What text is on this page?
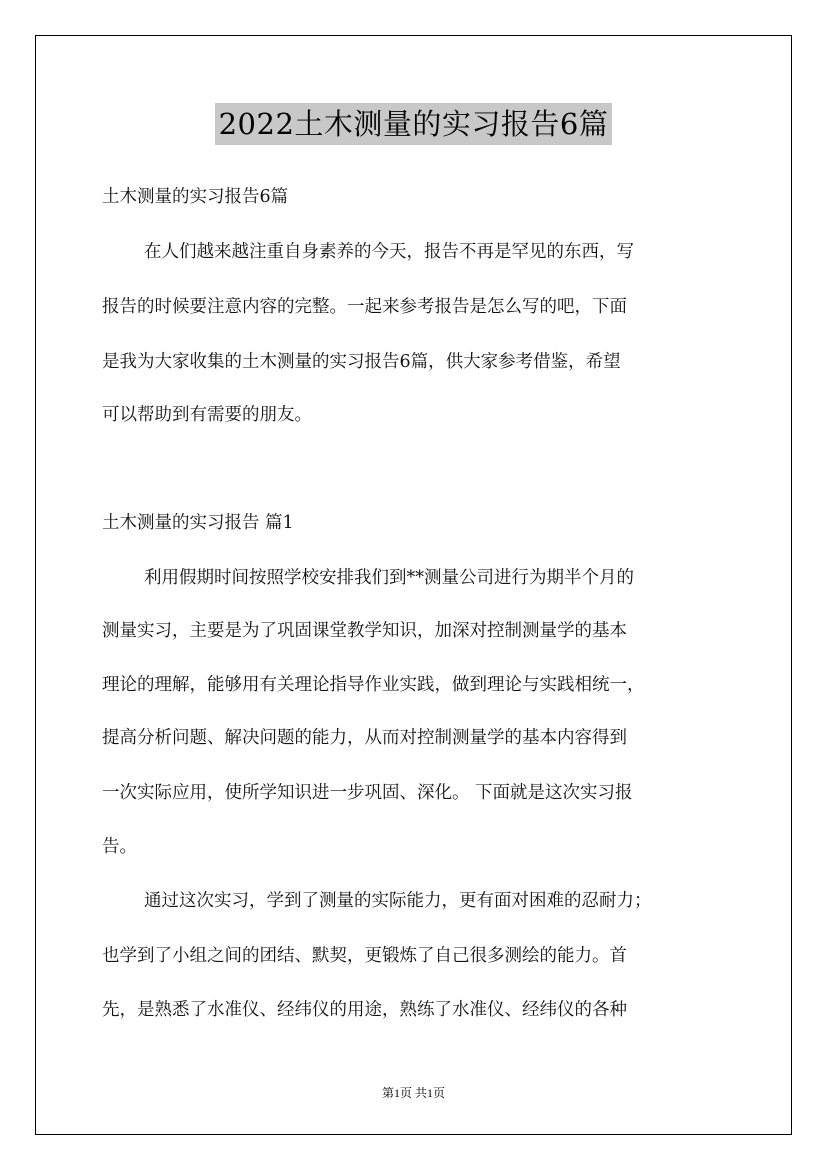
2022土木测量的实习报告6篇
土木测量的实习报告6篇
在人们越来越注重自身素养的今天，报告不再是罕见的东西，写
报告的时候要注意内容的完整。一起来参考报告是怎么写的吧，下面
是我为大家收集的土木测量的实习报告6篇，供大家参考借鉴，希望
可以帮助到有需要的朋友。
土木测量的实习报告 篇1
利用假期时间按照学校安排我们到**测量公司进行为期半个月的
测量实习，主要是为了巩固课堂教学知识，加深对控制测量学的基本
理论的理解，能够用有关理论指导作业实践，做到理论与实践相统一，
提高分析问题、解决问题的能力，从而对控制测量学的基本内容得到
一次实际应用，使所学知识进一步巩固、深化。 下面就是这次实习报
告。
通过这次实习，学到了测量的实际能力，更有面对困难的忍耐力；
也学到了小组之间的团结、默契，更锻炼了自己很多测绘的能力。首
先，是熟悉了水准仪、经纬仪的用途，熟练了水准仪、经纬仪的各种
第1页 共1页
